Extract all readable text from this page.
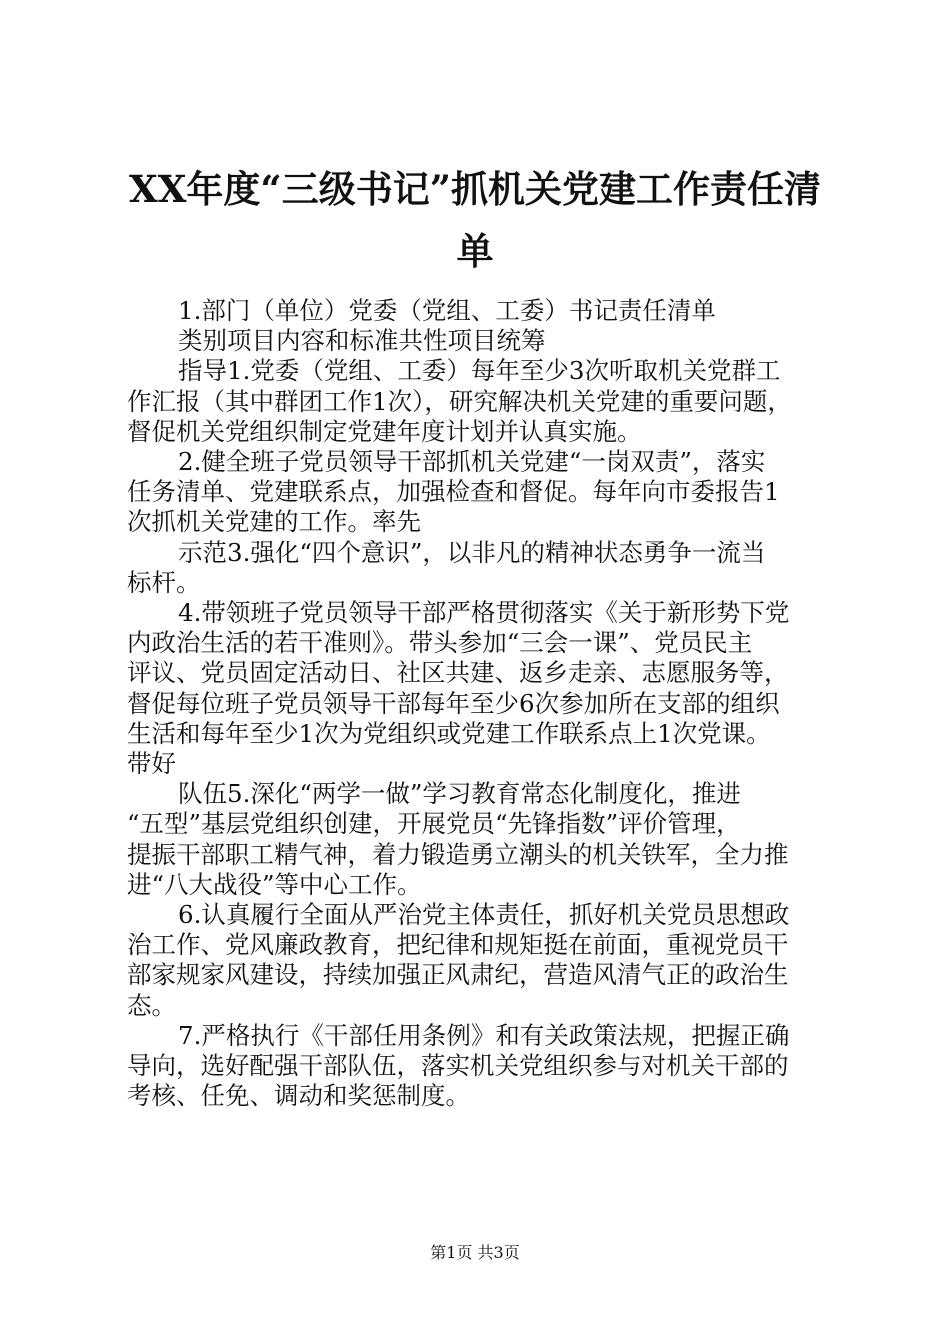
XX年度“三级书记”抓机关党建工作责任清
单
1.部门（单位）党委（党组、工委）书记责任清单
类别项目内容和标准共性项目统筹
指导1.党委（党组、工委）每年至少3次听取机关党群工
作汇报（其中群团工作1次），研究解决机关党建的重要问题，
督促机关党组织制定党建年度计划并认真实施。
2.健全班子党员领导干部抓机关党建“一岗双责”，落实
任务清单、党建联系点，加强检查和督促。每年向市委报告1
次抓机关党建的工作。率先
示范3.强化“四个意识”，以非凡的精神状态勇争一流当
标杆。
4.带领班子党员领导干部严格贯彻落实《关于新形势下党
内政治生活的若干准则》。带头参加“三会一课”、党员民主
评议、党员固定活动日、社区共建、返乡走亲、志愿服务等，
督促每位班子党员领导干部每年至少6次参加所在支部的组织
生活和每年至少1次为党组织或党建工作联系点上1次党课。
带好
队伍5.深化“两学一做”学习教育常态化制度化，推进
“五型”基层党组织创建，开展党员“先锋指数”评价管理，
提振干部职工精气神，着力锻造勇立潮头的机关铁军，全力推
进“八大战役”等中心工作。
6.认真履行全面从严治党主体责任，抓好机关党员思想政
治工作、党风廉政教育，把纪律和规矩挺在前面，重视党员干
部家规家风建设，持续加强正风肃纪，营造风清气正的政治生
态。
7.严格执行《干部任用条例》和有关政策法规，把握正确
导向，选好配强干部队伍，落实机关党组织参与对机关干部的
考核、任免、调动和奖惩制度。
第1页 共3页
